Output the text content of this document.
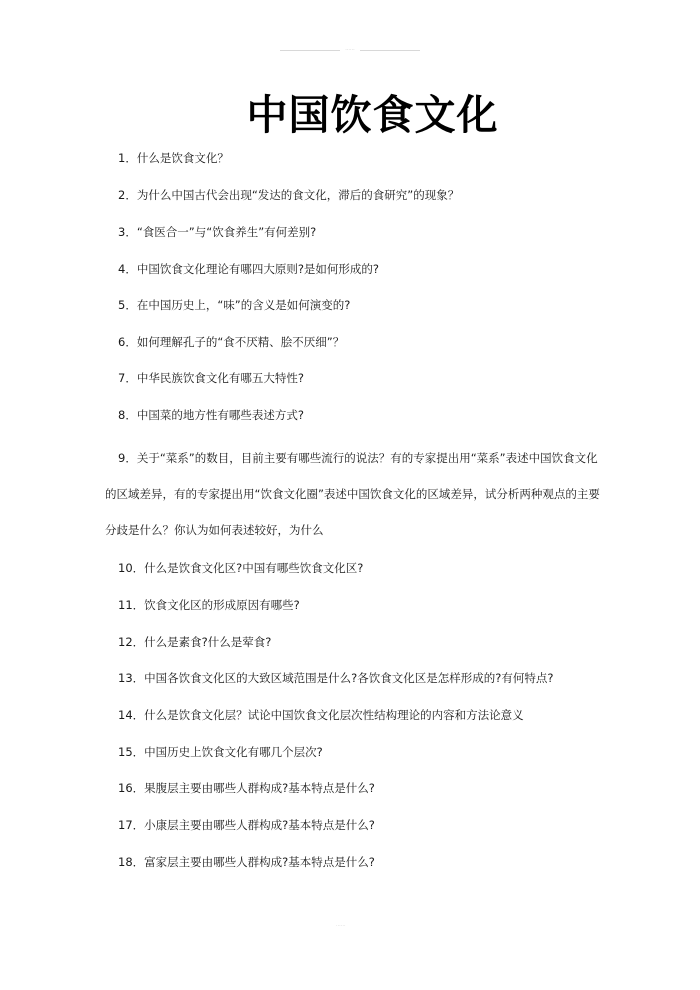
......
中国饮食文化
1．什么是饮食文化？
2．为什么中国古代会出现“发达的食文化，滞后的食研究”的现象？
3．“食医合一”与“饮食养生”有何差别?
4．中国饮食文化理论有哪四大原则?是如何形成的?
5．在中国历史上，“味”的含义是如何演变的?
6．如何理解孔子的“食不厌精、脍不厌细”？
7．中华民族饮食文化有哪五大特性?
8．中国菜的地方性有哪些表述方式?
9．关于“菜系”的数目，目前主要有哪些流行的说法？有的专家提出用“菜系”表述中国饮食文化的区域差异，有的专家提出用“饮食文化圈”表述中国饮食文化的区域差异，试分析两种观点的主要分歧是什么？你认为如何表述较好，为什么
10．什么是饮食文化区?中国有哪些饮食文化区?
11．饮食文化区的形成原因有哪些?
12．什么是素食?什么是荤食?
13．中国各饮食文化区的大致区域范围是什么?各饮食文化区是怎样形成的?有何特点?
14．什么是饮食文化层？试论中国饮食文化层次性结构理论的内容和方法论意义
15．中国历史上饮食文化有哪几个层次?
16．果腹层主要由哪些人群构成?基本特点是什么?
17．小康层主要由哪些人群构成?基本特点是什么?
18．富家层主要由哪些人群构成?基本特点是什么?
......
